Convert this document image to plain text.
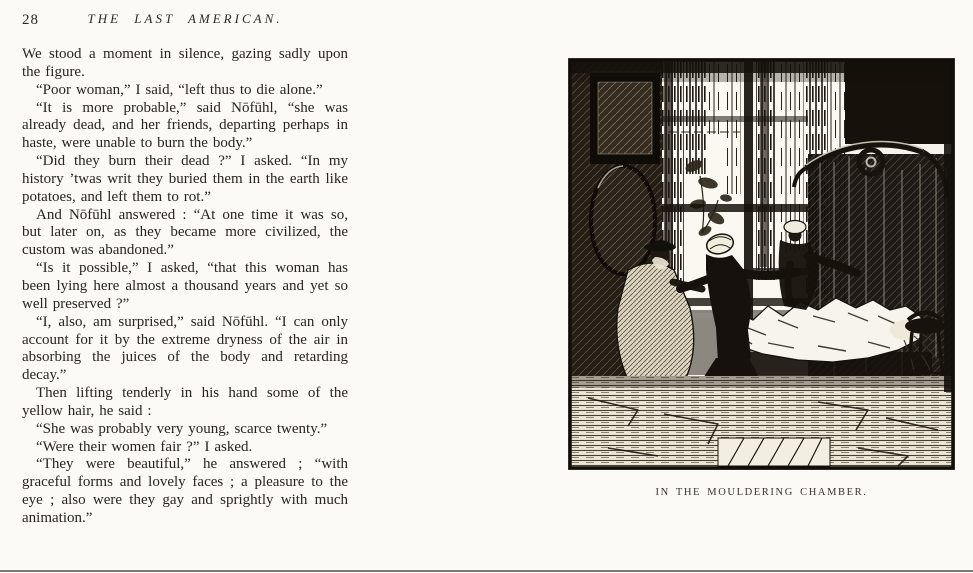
28	THE LAST AMERICAN.

We stood a moment in silence, gazing sadly upon the figure.

“Poor woman,” I said, “left thus to die alone.”

“It is more probable,” said Nōfūhl, “she was already dead, and her friends, departing perhaps in haste, were unable to burn the body.”

“Did they burn their dead ?” I asked. “In my history ’twas writ they buried them in the earth like potatoes, and left them to rot.”

And Nōfūhl answered : “At one time it was so, but later on, as they became more civilized, the custom was abandoned.”

“Is it possible,” I asked, “that this woman has been lying here almost a thousand years and yet so well preserved ?”

“I, also, am surprised,” said Nōfūhl. “I can only account for it by the extreme dryness of the air in absorbing the juices of the body and retarding decay.”

Then lifting tenderly in his hand some of the yellow hair, he said :

“She was probably very young, scarce twenty.”

“Were their women fair ?” I asked.

“They were beautiful,” he answered ; “with graceful forms and lovely faces ; a pleasure to the eye ; also were they gay and sprightly with much animation.”

IN THE MOULDERING CHAMBER.
